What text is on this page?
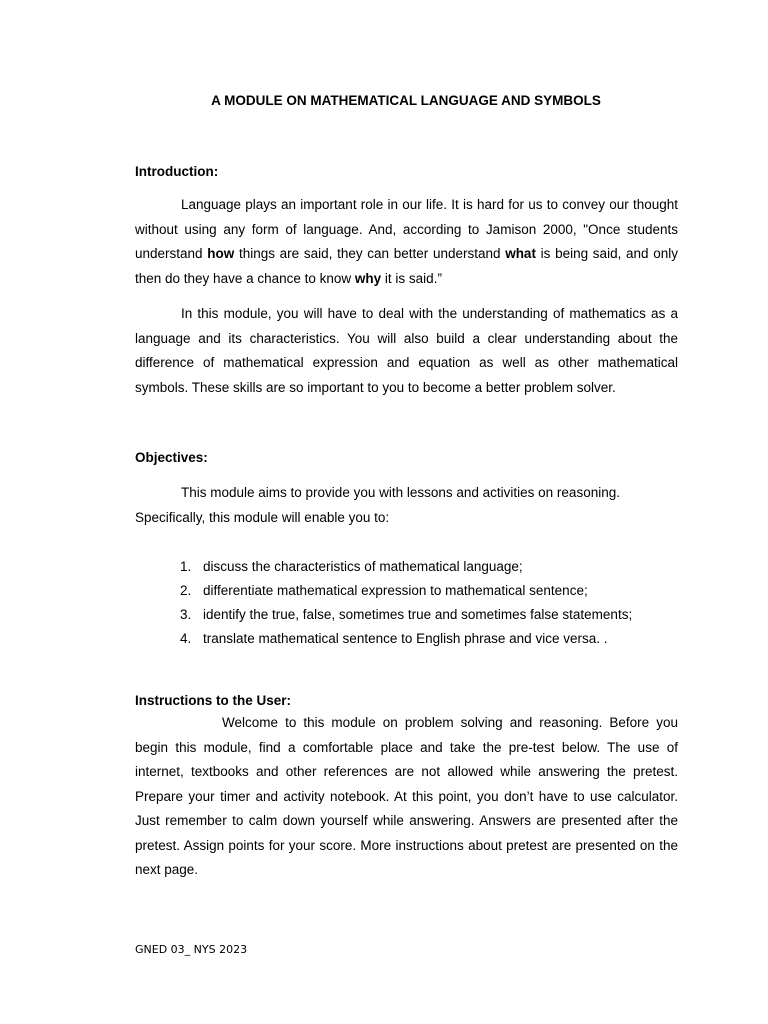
A MODULE ON MATHEMATICAL LANGUAGE AND SYMBOLS
Introduction:
Language plays an important role in our life. It is hard for us to convey our thought
without using any form of language. And, according to Jamison 2000, "Once students
understand how things are said, they can better understand what is being said, and only
then do they have a chance to know why it is said.”
In this module, you will have to deal with the understanding of mathematics as a
language and its characteristics. You will also build a clear understanding about the
difference of mathematical expression and equation as well as other mathematical
symbols. These skills are so important to you to become a better problem solver.
Objectives:
This module aims to provide you with lessons and activities on reasoning.
Specifically, this module will enable you to:
1. discuss the characteristics of mathematical language;
2. differentiate mathematical expression to mathematical sentence;
3. identify the true, false, sometimes true and sometimes false statements;
4. translate mathematical sentence to English phrase and vice versa. .
Instructions to the User:
Welcome to this module on problem solving and reasoning. Before you
begin this module, find a comfortable place and take the pre-test below. The use of
internet, textbooks and other references are not allowed while answering the pretest.
Prepare your timer and activity notebook. At this point, you don’t have to use calculator.
Just remember to calm down yourself while answering. Answers are presented after the
pretest. Assign points for your score. More instructions about pretest are presented on the
next page.
GNED 03_ NYS 2023
